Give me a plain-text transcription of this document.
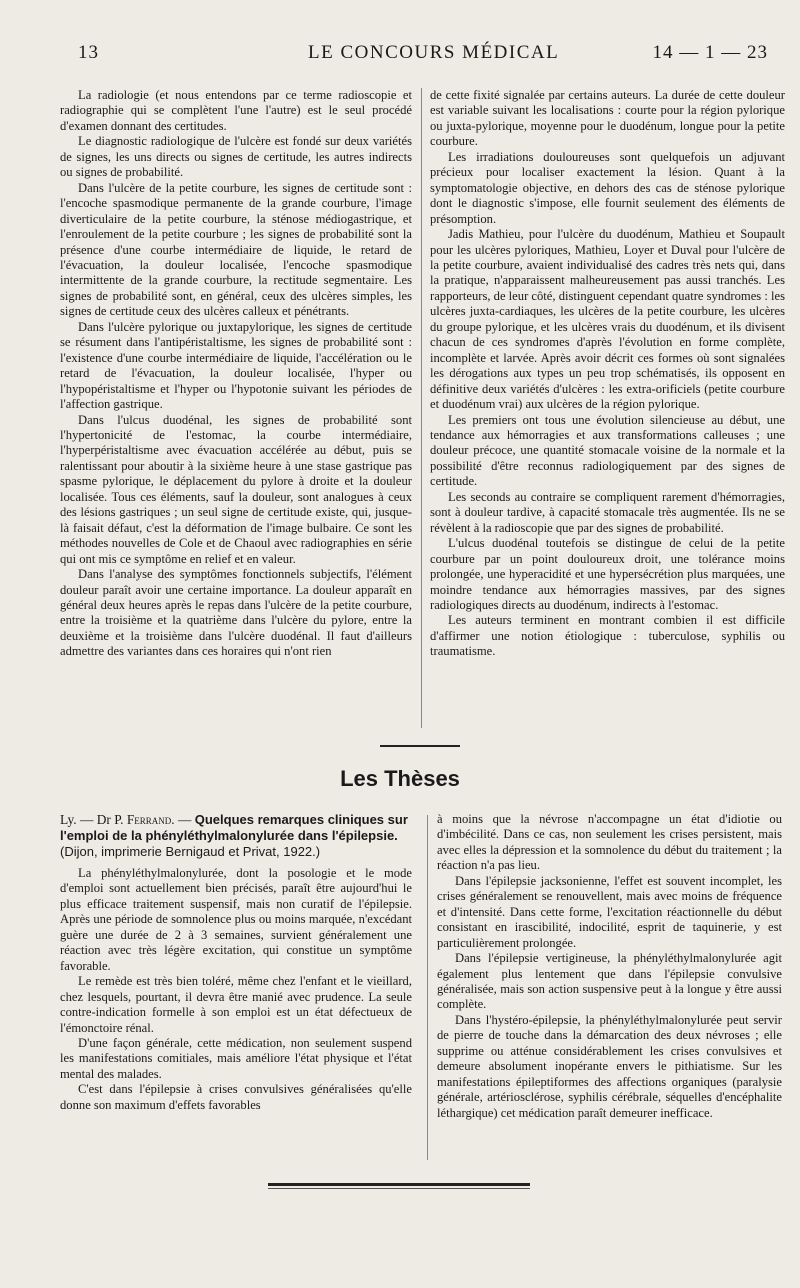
13	LE CONCOURS MÉDICAL	14 — 1 — 23

La radiologie (et nous entendons par ce terme radioscopie et radiographie qui se complètent l'une l'autre) est le seul procédé d'examen donnant des certitudes.

Le diagnostic radiologique de l'ulcère est fondé sur deux variétés de signes, les uns directs ou signes de certitude, les autres indirects ou signes de probabilité.

Dans l'ulcère de la petite courbure, les signes de certitude sont : l'encoche spasmodique permanente de la grande courbure, l'image diverticulaire de la petite courbure, la sténose médiogastrique, et l'enroulement de la petite courbure ; les signes de probabilité sont la présence d'une courbe intermédiaire de liquide, le retard de l'évacuation, la douleur localisée, l'encoche spasmodique intermittente de la grande courbure, la rectitude segmentaire. Les signes de probabilité sont, en général, ceux des ulcères simples, les signes de certitude ceux des ulcères calleux et pénétrants.

Dans l'ulcère pylorique ou juxtapylorique, les signes de certitude se résument dans l'antipéristaltisme, les signes de probabilité sont : l'existence d'une courbe intermédiaire de liquide, l'accélération ou le retard de l'évacuation, la douleur localisée, l'hyper ou l'hypopéristaltisme et l'hyper ou l'hypotonie suivant les périodes de l'affection gastrique.

Dans l'ulcus duodénal, les signes de probabilité sont l'hypertonicité de l'estomac, la courbe intermédiaire, l'hyperpéristaltisme avec évacuation accélérée au début, puis se ralentissant pour aboutir à la sixième heure à une stase gastrique pas spasme pylorique, le déplacement du pylore à droite et la douleur localisée. Tous ces éléments, sauf la douleur, sont analogues à ceux des lésions gastriques ; un seul signe de certitude existe, qui, jusque-là faisait défaut, c'est la déformation de l'image bulbaire. Ce sont les méthodes nouvelles de Cole et de Chaoul avec radiographies en série qui ont mis ce symptôme en relief et en valeur.

Dans l'analyse des symptômes fonctionnels subjectifs, l'élément douleur paraît avoir une certaine importance. La douleur apparaît en général deux heures après le repas dans l'ulcère de la petite courbure, entre la troisième et la quatrième dans l'ulcère du pylore, entre la deuxième et la troisième dans l'ulcère duodénal. Il faut d'ailleurs admettre des variantes dans ces horaires qui n'ont rien

de cette fixité signalée par certains auteurs. La durée de cette douleur est variable suivant les localisations : courte pour la région pylorique ou juxta-pylorique, moyenne pour le duodénum, longue pour la petite courbure.

Les irradiations douloureuses sont quelquefois un adjuvant précieux pour localiser exactement la lésion. Quant à la symptomatologie objective, en dehors des cas de sténose pylorique dont le diagnostic s'impose, elle fournit seulement des éléments de présomption.

Jadis Mathieu, pour l'ulcère du duodénum, Mathieu et Soupault pour les ulcères pyloriques, Mathieu, Loyer et Duval pour l'ulcère de la petite courbure, avaient individualisé des cadres très nets qui, dans la pratique, n'apparaissent malheureusement pas aussi tranchés. Les rapporteurs, de leur côté, distinguent cependant quatre syndromes : les ulcères juxta-cardiaques, les ulcères de la petite courbure, les ulcères du groupe pylorique, et les ulcères vrais du duodénum, et ils divisent chacun de ces syndromes d'après l'évolution en forme complète, incomplète et larvée. Après avoir décrit ces formes où sont signalées les dérogations aux types un peu trop schématisés, ils opposent en définitive deux variétés d'ulcères : les extra-orificiels (petite courbure et duodénum vrai) aux ulcères de la région pylorique.

Les premiers ont tous une évolution silencieuse au début, une tendance aux hémorragies et aux transformations calleuses ; une douleur précoce, une quantité stomacale voisine de la normale et la possibilité d'être reconnus radiologiquement par des signes de certitude.

Les seconds au contraire se compliquent rarement d'hémorragies, sont à douleur tardive, à capacité stomacale très augmentée. Ils ne se révèlent à la radioscopie que par des signes de probabilité.

L'ulcus duodénal toutefois se distingue de celui de la petite courbure par un point douloureux droit, une tolérance moins prolongée, une hyperacidité et une hypersécrétion plus marquées, une moindre tendance aux hémorragies massives, par des signes radiologiques directs au duodénum, indirects à l'estomac.

Les auteurs terminent en montrant combien il est difficile d'affirmer une notion étiologique : tuberculose, syphilis ou traumatisme.

Les Thèses

Ly. — Dr P. Ferrand. — Quelques remarques cliniques sur l'emploi de la phényléthylmalonylurée dans l'épilepsie. (Dijon, imprimerie Bernigaud et Privat, 1922.)

La phényléthylmalonylurée, dont la posologie et le mode d'emploi sont actuellement bien précisés, paraît être aujourd'hui le plus efficace traitement suspensif, mais non curatif de l'épilepsie. Après une période de somnolence plus ou moins marquée, n'excédant guère une durée de 2 à 3 semaines, survient généralement une réaction avec très légère excitation, qui constitue un symptôme favorable.

Le remède est très bien toléré, même chez l'enfant et le vieillard, chez lesquels, pourtant, il devra être manié avec prudence. La seule contre-indication formelle à son emploi est un état défectueux de l'émonctoire rénal.

D'une façon générale, cette médication, non seulement suspend les manifestations comitiales, mais améliore l'état physique et l'état mental des malades.

C'est dans l'épilepsie à crises convulsives généralisées qu'elle donne son maximum d'effets favorables

à moins que la névrose n'accompagne un état d'idiotie ou d'imbécilité. Dans ce cas, non seulement les crises persistent, mais avec elles la dépression et la somnolence du début du traitement ; la réaction n'a pas lieu.

Dans l'épilepsie jacksonienne, l'effet est souvent incomplet, les crises généralement se renouvellent, mais avec moins de fréquence et d'intensité. Dans cette forme, l'excitation réactionnelle du début consistant en irascibilité, indocilité, esprit de taquinerie, y est particulièrement prolongée.

Dans l'épilepsie vertigineuse, la phényléthylmalonylurée agit également plus lentement que dans l'épilepsie convulsive généralisée, mais son action suspensive peut à la longue y être aussi complète.

Dans l'hystéro-épilepsie, la phényléthylmalonylurée peut servir de pierre de touche dans la démarcation des deux névroses ; elle supprime ou atténue considérablement les crises convulsives et demeure absolument inopérante envers le pithiatisme. Sur les manifestations épileptiformes des affections organiques (paralysie générale, artériosclérose, syphilis cérébrale, séquelles d'encéphalite léthargique) cet médication paraît demeurer inefficace.
